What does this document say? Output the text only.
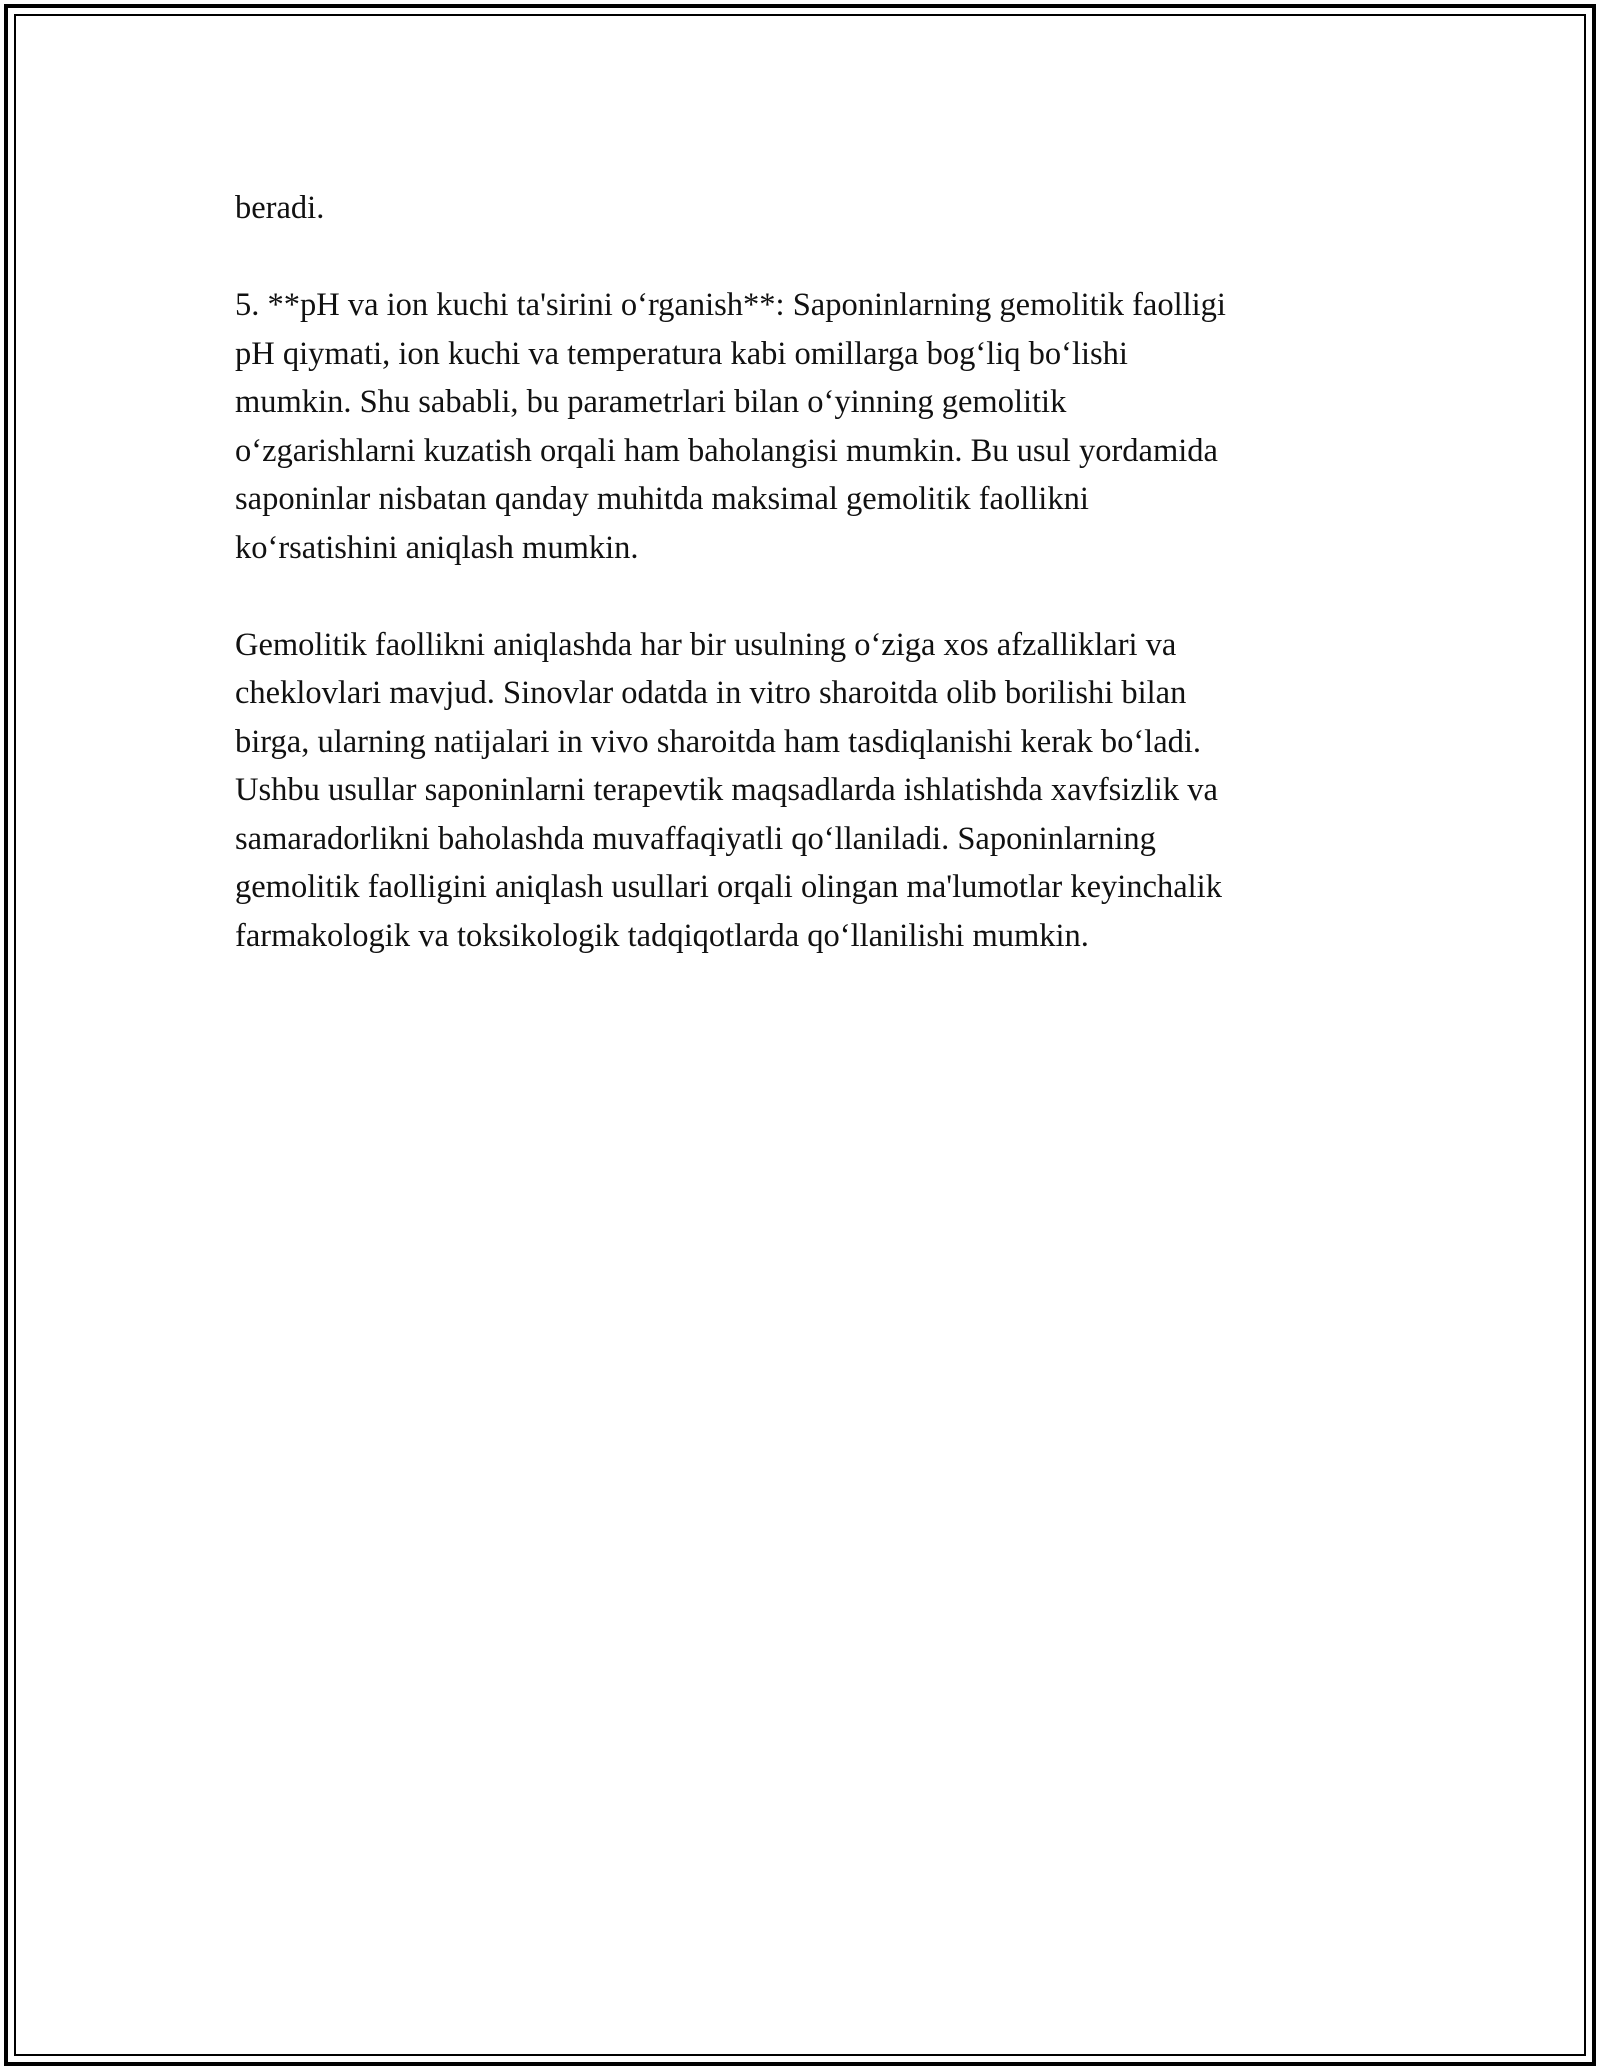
beradi.

5. **pH va ion kuchi ta'sirini o‘rganish**: Saponinlarning gemolitik faolligi
pH qiymati, ion kuchi va temperatura kabi omillarga bog‘liq bo‘lishi
mumkin. Shu sababli, bu parametrlari bilan o‘yinning gemolitik
o‘zgarishlarni kuzatish orqali ham baholangisi mumkin. Bu usul yordamida
saponinlar nisbatan qanday muhitda maksimal gemolitik faollikni
ko‘rsatishini aniqlash mumkin.

Gemolitik faollikni aniqlashda har bir usulning o‘ziga xos afzalliklari va
cheklovlari mavjud. Sinovlar odatda in vitro sharoitda olib borilishi bilan
birga, ularning natijalari in vivo sharoitda ham tasdiqlanishi kerak bo‘ladi.
Ushbu usullar saponinlarni terapevtik maqsadlarda ishlatishda xavfsizlik va
samaradorlikni baholashda muvaffaqiyatli qo‘llaniladi. Saponinlarning
gemolitik faolligini aniqlash usullari orqali olingan ma'lumotlar keyinchalik
farmakologik va toksikologik tadqiqotlarda qo‘llanilishi mumkin.
